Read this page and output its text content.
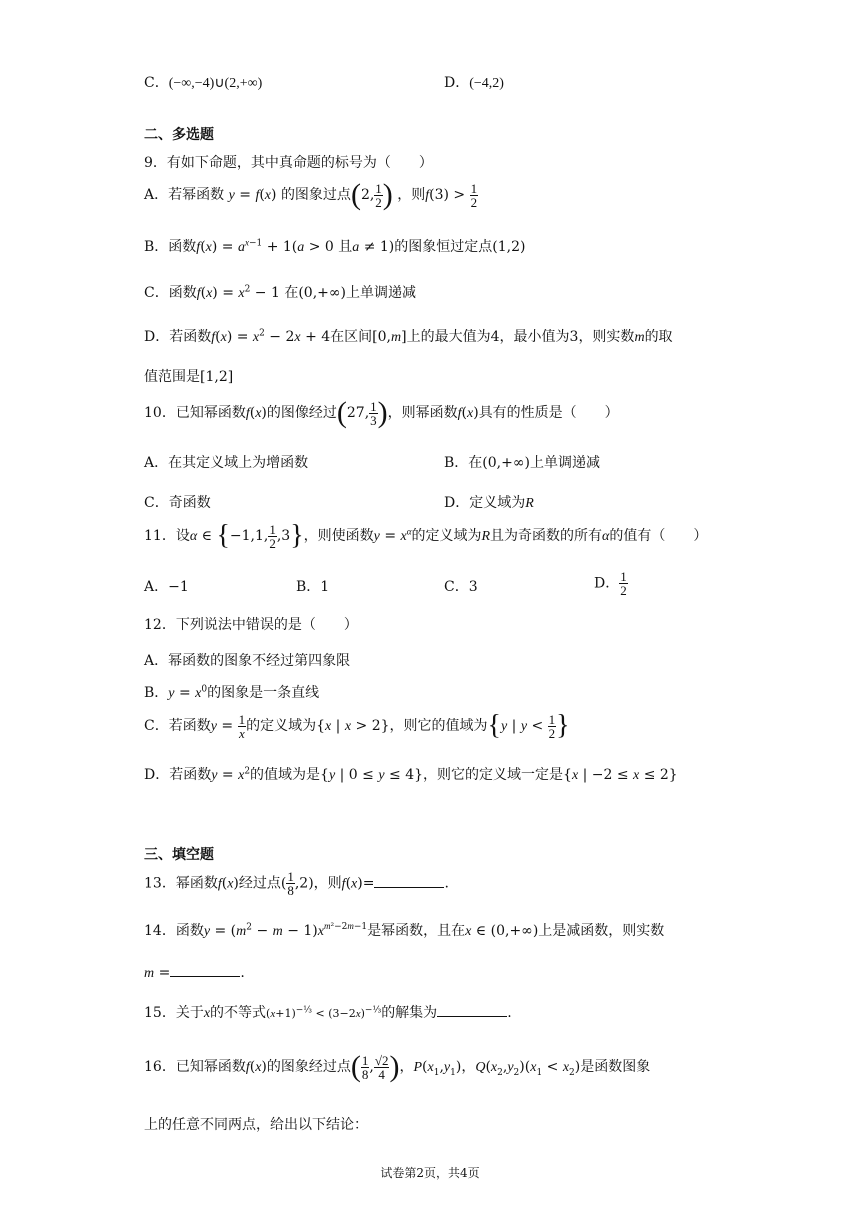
C．(−∞,−4)∪(2,+∞)	D．(−4,2)
二、多选题
9．有如下命题，其中真命题的标号为（　　）
A．若幂函数 y = f(x) 的图象过点(2, $\frac{1}{2}$ ) ，则$f(3) > \frac{1}{2}$
B．函数$f(x) = a^{x-1} + 1(a > 0$ 且a ≠ 1)的图象恒过定点(1,2)
C．函数$f(x) = x^2 - 1$ 在(0,+∞)上单调递减
D．若函数$f(x) = x^2 - 2x + 4$在区间[0,m]上的最大值为4，最小值为3，则实数m的取
值范围是[1,2]
10．已知幂函数f(x)的图像经过(27, $\frac{1}{3}$ )，则幂函数f(x)具有的性质是（　　）
A．在其定义域上为增函数	B．在(0,+∞)上单调递减
C．奇函数	D．定义域为R
11．设α ∈ {−1,1, $\frac{1}{2} ,3$}，则使函数$y = x^\alpha$的定义域为R且为奇函数的所有α的值有（　　）
A．−1	B．1	C．3	D． $\frac{1}{2}$
12．下列说法中错误的是（　　）
A．幂函数的图象不经过第四象限
B．$y = x^0$的图象是一条直线
C．若函数$y = \frac{1}{x}$ 的定义域为{x | x > 2}，则它的值域为{y | $y < \frac{1}{2}$ }
D．若函数$y = x^2$的值域为是{y | 0 ≤ y ≤ 4}，则它的定义域一定是{x | −2 ≤ x ≤ 2}
三、填空题
13．幂函数f(x)经过点( $\frac{1}{8} ,2$)，则f(x)=	.
14．函数$y = (m^2 - m - 1)x^{m^2-2m-1}$是幂函数，且在x ∈ (0,+∞)上是减函数，则实数
m =	.
15．关于x的不等式$(x+1)^{-\frac{1}{3}} < (3-2x)^{-\frac{1}{3}}$的解集为	.
16．已知幂函数f(x)的图象经过点( $\frac{1}{8}$ , $\frac{√2}{4}$ )，$P(x_1,y_1)$，$Q(x_2,y_2)(x_1 < x_2)$是函数图象
上的任意不同两点，给出以下结论：
试卷第2页，共4页
